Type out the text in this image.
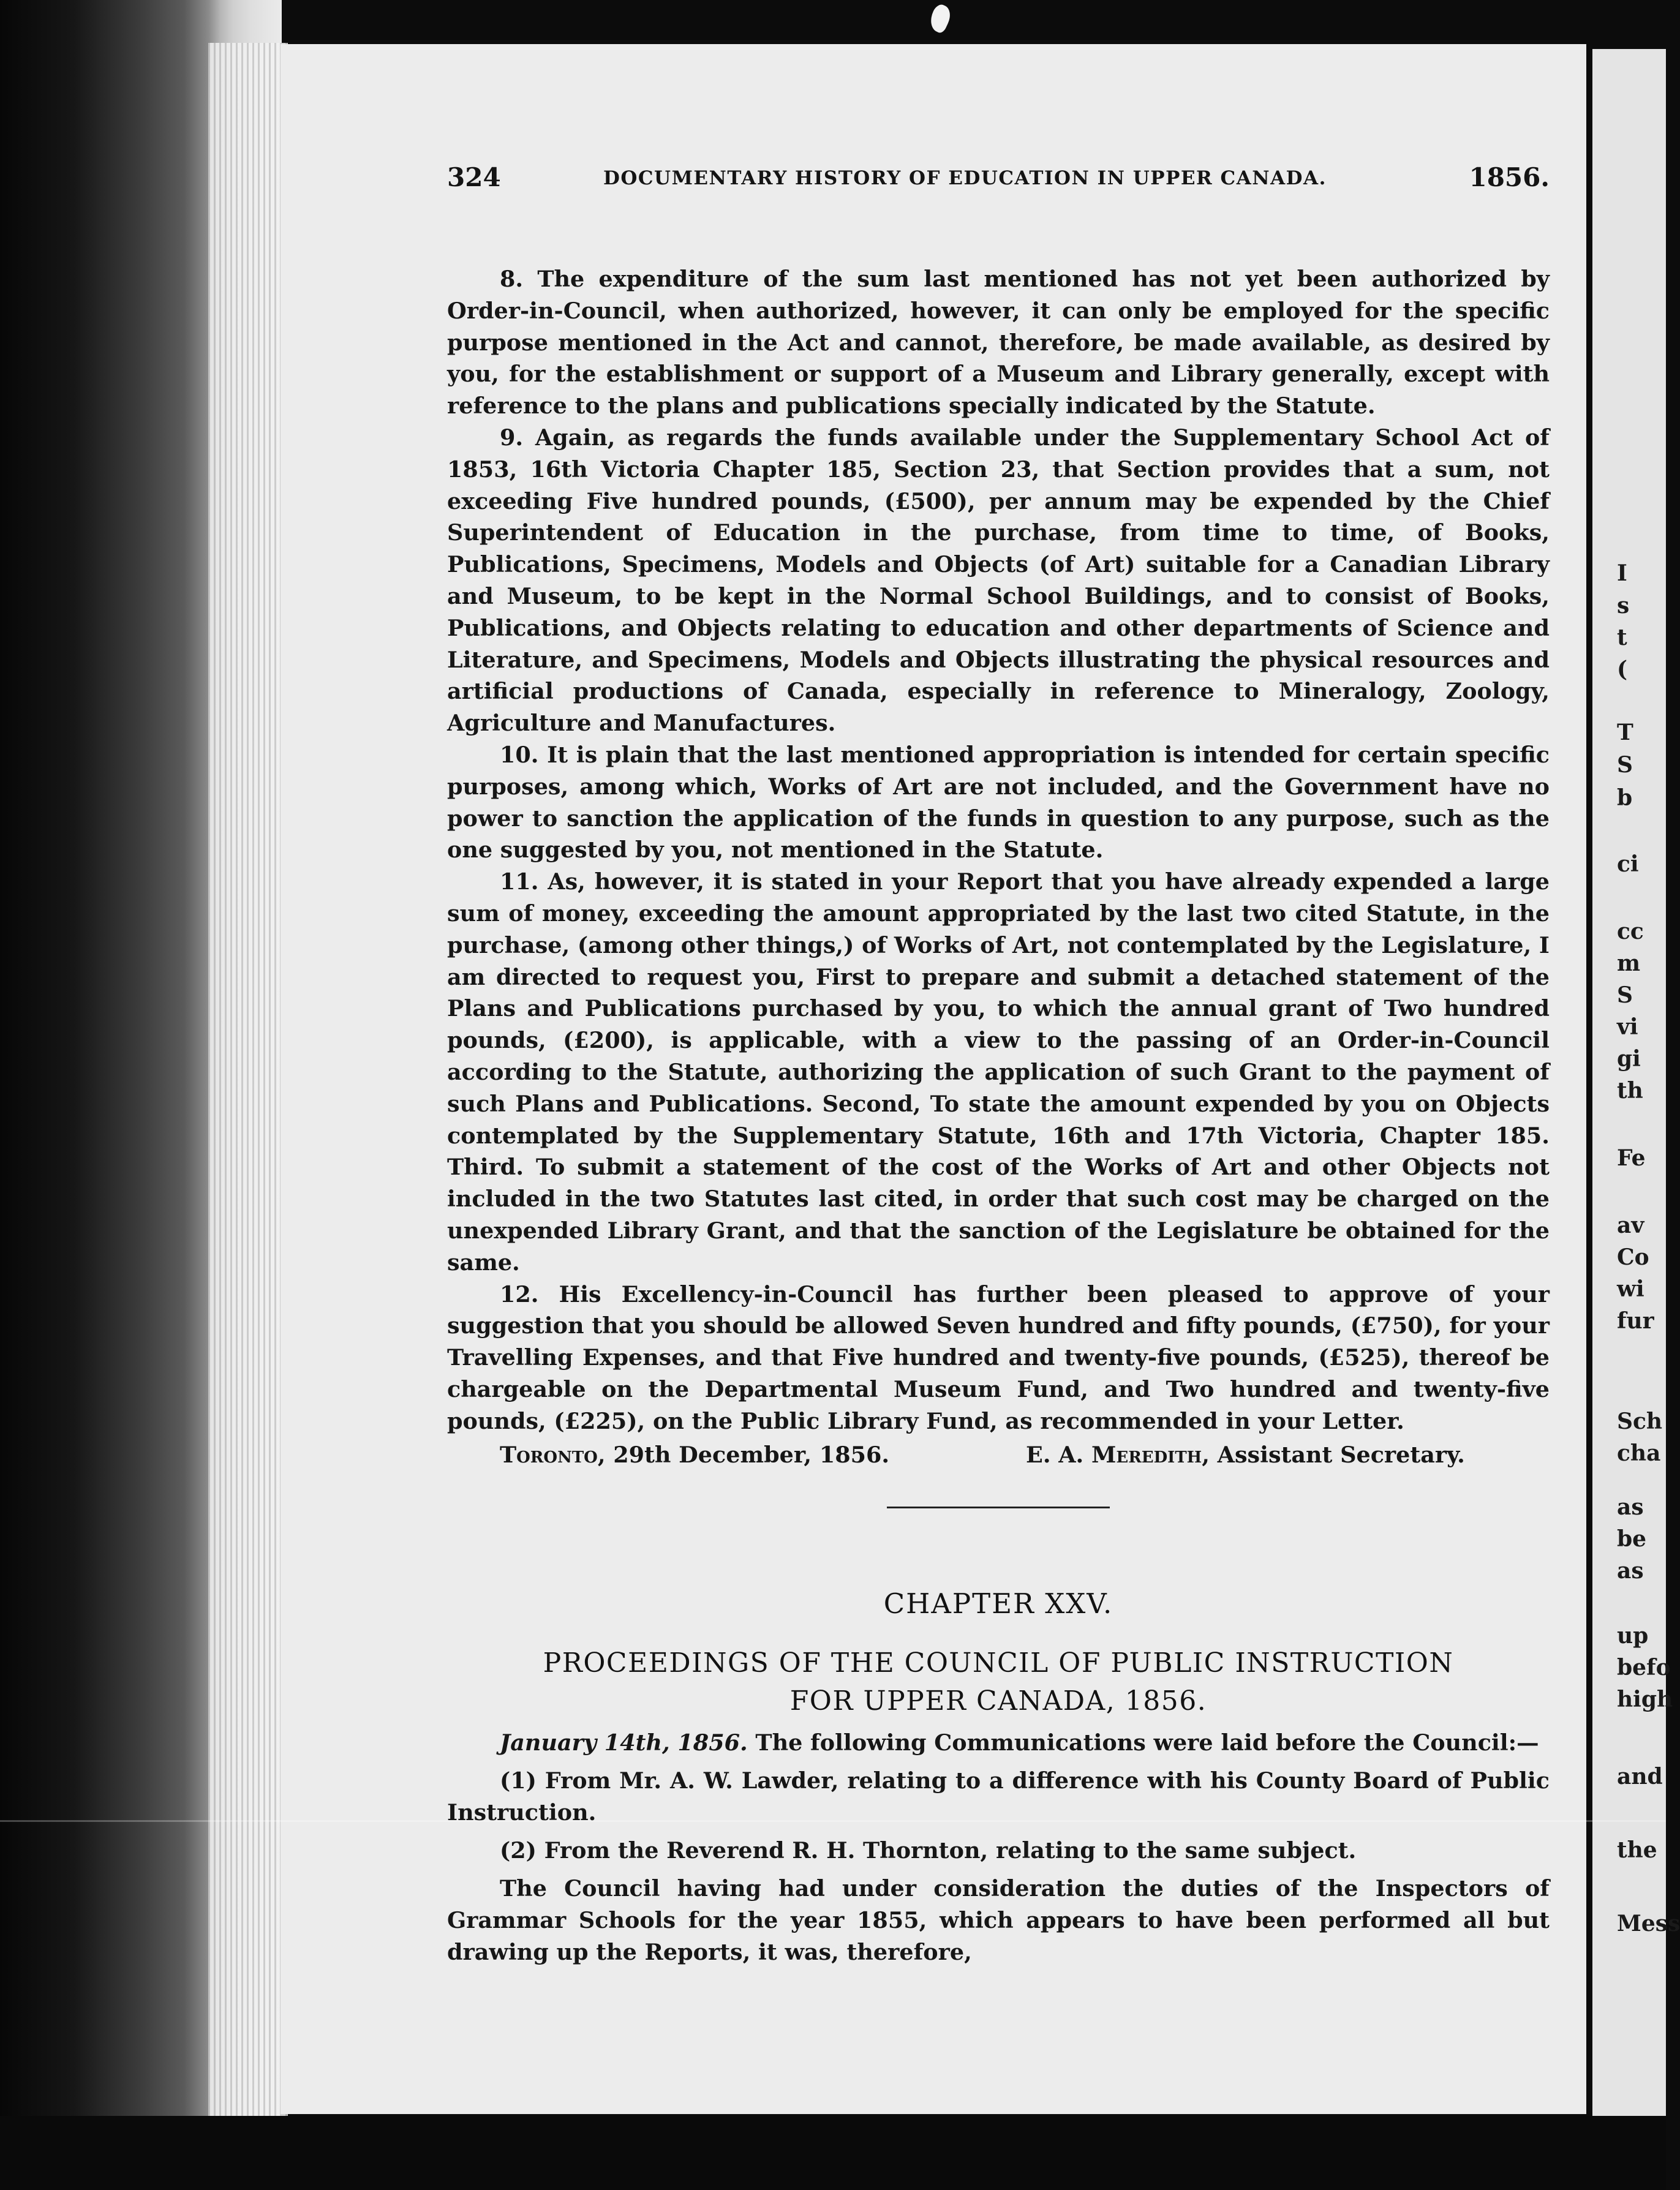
324	DOCUMENTARY HISTORY OF EDUCATION IN UPPER CANADA.	1856.

8. The expenditure of the sum last mentioned has not yet been authorized by Order-in-Council, when authorized, however, it can only be employed for the specific purpose mentioned in the Act and cannot, therefore, be made available, as desired by you, for the establishment or support of a Museum and Library generally, except with reference to the plans and publications specially indicated by the Statute.

9. Again, as regards the funds available under the Supplementary School Act of 1853, 16th Victoria Chapter 185, Section 23, that Section provides that a sum, not exceeding Five hundred pounds, (£500), per annum may be expended by the Chief Superintendent of Education in the purchase, from time to time, of Books, Publications, Specimens, Models and Objects (of Art) suitable for a Canadian Library and Museum, to be kept in the Normal School Buildings, and to consist of Books, Publications, and Objects relating to education and other departments of Science and Literature, and Specimens, Models and Objects illustrating the physical resources and artificial productions of Canada, especially in reference to Mineralogy, Zoology, Agriculture and Manufactures.

10. It is plain that the last mentioned appropriation is intended for certain specific purposes, among which, Works of Art are not included, and the Government have no power to sanction the application of the funds in question to any purpose, such as the one suggested by you, not mentioned in the Statute.

11. As, however, it is stated in your Report that you have already expended a large sum of money, exceeding the amount appropriated by the last two cited Statute, in the purchase, (among other things,) of Works of Art, not contemplated by the Legislature, I am directed to request you, First to prepare and submit a detached statement of the Plans and Publications purchased by you, to which the annual grant of Two hundred pounds, (£200), is applicable, with a view to the passing of an Order-in-Council according to the Statute, authorizing the application of such Grant to the payment of such Plans and Publications. Second, To state the amount expended by you on Objects contemplated by the Supplementary Statute, 16th and 17th Victoria, Chapter 185. Third. To submit a statement of the cost of the Works of Art and other Objects not included in the two Statutes last cited, in order that such cost may be charged on the unexpended Library Grant, and that the sanction of the Legislature be obtained for the same.

12. His Excellency-in-Council has further been pleased to approve of your suggestion that you should be allowed Seven hundred and fifty pounds, (£750), for your Travelling Expenses, and that Five hundred and twenty-five pounds, (£525), thereof be chargeable on the Departmental Museum Fund, and Two hundred and twenty-five pounds, (£225), on the Public Library Fund, as recommended in your Letter.

Toronto, 29th December, 1856.	E. A. Meredith, Assistant Secretary.
CHAPTER XXV.
PROCEEDINGS OF THE COUNCIL OF PUBLIC INSTRUCTION
FOR UPPER CANADA, 1856.

January 14th, 1856. The following Communications were laid before the Council:—

(1) From Mr. A. W. Lawder, relating to a difference with his County Board of Public Instruction.

(2) From the Reverend R. H. Thornton, relating to the same subject.

The Council having had under consideration the duties of the Inspectors of Grammar Schools for the year 1855, which appears to have been performed all but drawing up the Reports, it was, therefore,

I
s
t
(
T
S
b
ci
cc
m
S
vi
gi
th
Fe
av
Co
wi
fur
Sch
cha
as
be
as
up
befo
high
and
the
Mess
